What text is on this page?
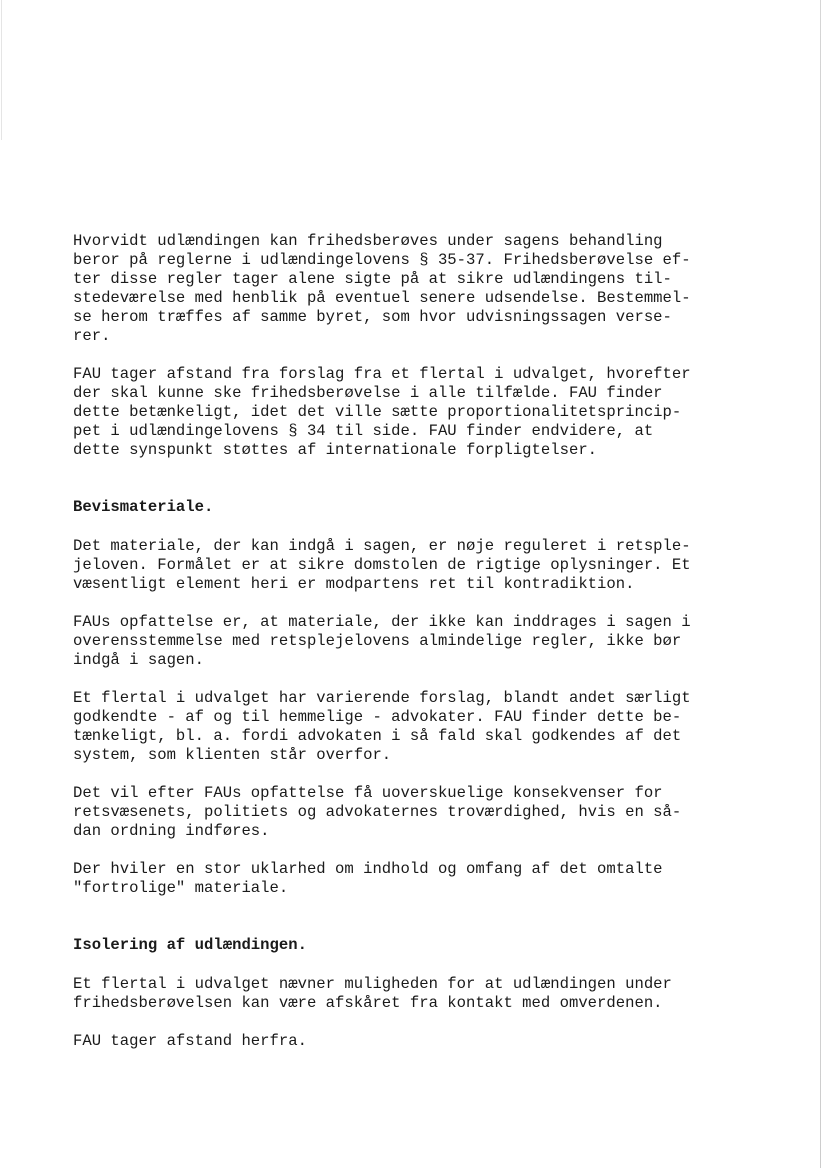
Hvorvidt udlændingen kan frihedsberøves under sagens behandling
beror på reglerne i udlændingelovens § 35-37. Frihedsberøvelse ef-
ter disse regler tager alene sigte på at sikre udlændingens til-
stedeværelse med henblik på eventuel senere udsendelse. Bestemmel-
se herom træffes af samme byret, som hvor udvisningssagen verse-
rer.

FAU tager afstand fra forslag fra et flertal i udvalget, hvorefter
der skal kunne ske frihedsberøvelse i alle tilfælde. FAU finder
dette betænkeligt, idet det ville sætte proportionalitetsprincip-
pet i udlændingelovens § 34 til side. FAU finder endvidere, at
dette synspunkt støttes af internationale forpligtelser.

Bevismateriale.

Det materiale, der kan indgå i sagen, er nøje reguleret i retsple-
jeloven. Formålet er at sikre domstolen de rigtige oplysninger. Et
væsentligt element heri er modpartens ret til kontradiktion.

FAUs opfattelse er, at materiale, der ikke kan inddrages i sagen i
overensstemmelse med retsplejelovens almindelige regler, ikke bør
indgå i sagen.

Et flertal i udvalget har varierende forslag, blandt andet særligt
godkendte - af og til hemmelige - advokater. FAU finder dette be-
tænkeligt, bl. a. fordi advokaten i så fald skal godkendes af det
system, som klienten står overfor.

Det vil efter FAUs opfattelse få uoverskuelige konsekvenser for
retsvæsenets, politiets og advokaternes troværdighed, hvis en så-
dan ordning indføres.

Der hviler en stor uklarhed om indhold og omfang af det omtalte
"fortrolige" materiale.

Isolering af udlændingen.

Et flertal i udvalget nævner muligheden for at udlændingen under
frihedsberøvelsen kan være afskåret fra kontakt med omverdenen.

FAU tager afstand herfra.
